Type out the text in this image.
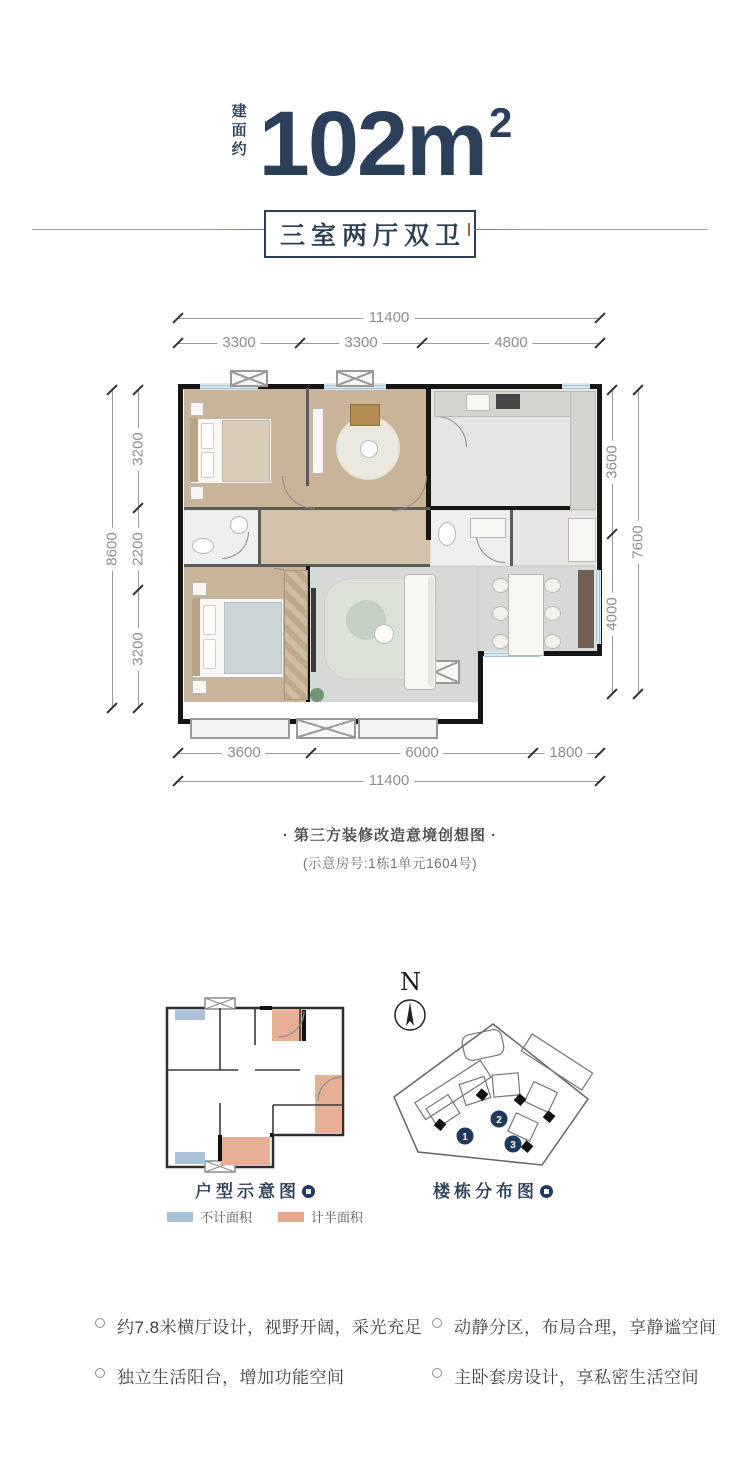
建面约 102m2
三室两厅双卫
11400
3300	3300	4800
8600
3200
2200
3200
3600
4000
7600
3600	6000	1800
11400
· 第三方装修改造意境创想图 ·
(示意房号:1栋1单元1604号)
N
1
2
3
户型示意图	楼栋分布图
不计面积	计半面积
约7.8米横厅设计，视野开阔，采光充足
独立生活阳台，增加功能空间
动静分区，布局合理，享静谧空间
主卧套房设计，享私密生活空间
